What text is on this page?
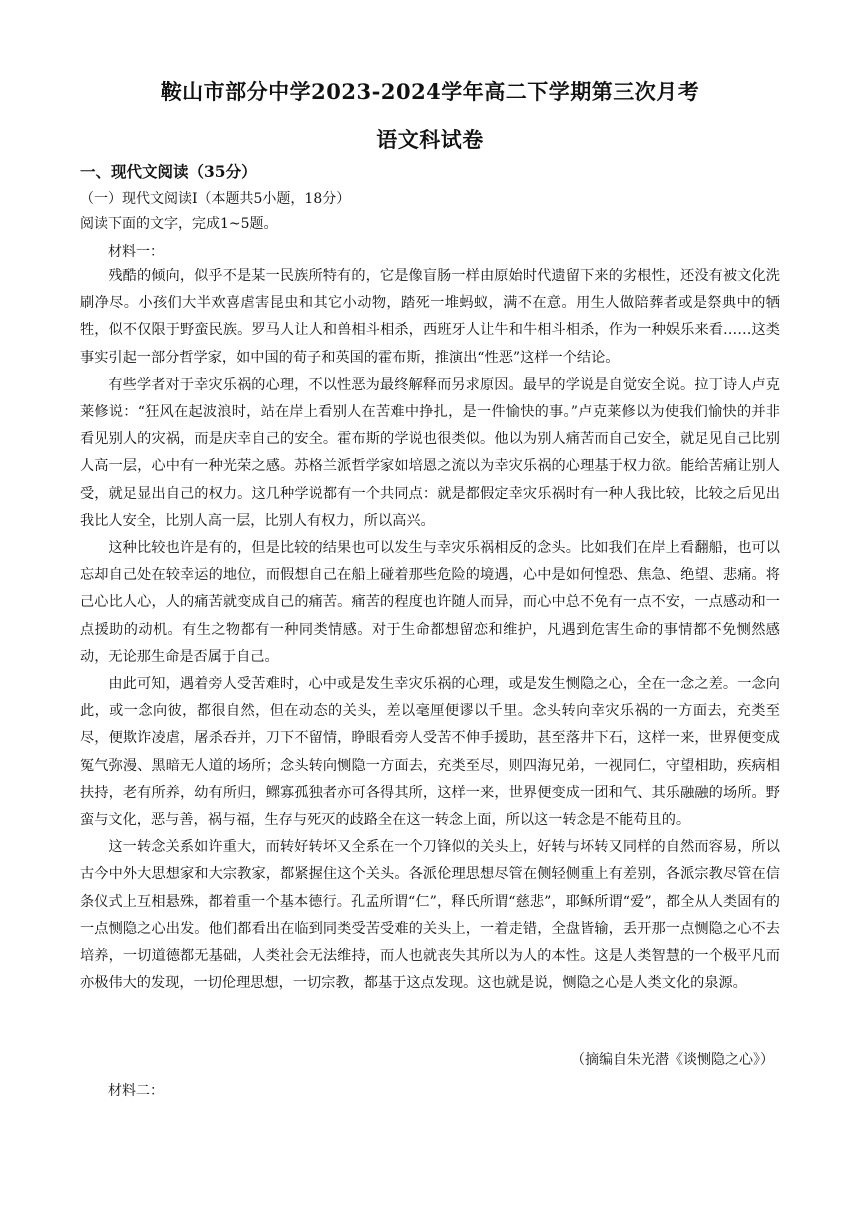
鞍山市部分中学2023-2024学年高二下学期第三次月考
语文科试卷
一、现代文阅读（35分）
（一）现代文阅读Ⅰ（本题共5小题，18分）
阅读下面的文字，完成1~5题。
材料一：

残酷的倾向，似乎不是某一民族所特有的，它是像盲肠一样由原始时代遗留下来的劣根性，还没有被文化洗刷净尽。小孩们大半欢喜虐害昆虫和其它小动物，踏死一堆蚂蚁，满不在意。用生人做陪葬者或是祭典中的牺牲，似不仅限于野蛮民族。罗马人让人和兽相斗相杀，西班牙人让牛和牛相斗相杀，作为一种娱乐来看……这类事实引起一部分哲学家，如中国的荀子和英国的霍布斯，推演出“性恶”这样一个结论。

有些学者对于幸灾乐祸的心理，不以性恶为最终解释而另求原因。最早的学说是自觉安全说。拉丁诗人卢克莱修说：“狂风在起波浪时，站在岸上看别人在苦难中挣扎，是一件愉快的事。”卢克莱修以为使我们愉快的并非看见别人的灾祸，而是庆幸自己的安全。霍布斯的学说也很类似。他以为别人痛苦而自己安全，就足见自己比别人高一层，心中有一种光荣之感。苏格兰派哲学家如培恩之流以为幸灾乐祸的心理基于权力欲。能给苦痛让别人受，就足显出自己的权力。这几种学说都有一个共同点：就是都假定幸灾乐祸时有一种人我比较，比较之后见出我比人安全，比别人高一层，比别人有权力，所以高兴。

这种比较也许是有的，但是比较的结果也可以发生与幸灾乐祸相反的念头。比如我们在岸上看翻船，也可以忘却自己处在较幸运的地位，而假想自己在船上碰着那些危险的境遇，心中是如何惶恐、焦急、绝望、悲痛。将己心比人心，人的痛苦就变成自己的痛苦。痛苦的程度也许随人而异，而心中总不免有一点不安，一点感动和一点援助的动机。有生之物都有一种同类情感。对于生命都想留恋和维护，凡遇到危害生命的事情都不免恻然感动，无论那生命是否属于自己。

由此可知，遇着旁人受苦难时，心中或是发生幸灾乐祸的心理，或是发生恻隐之心，全在一念之差。一念向此，或一念向彼，都很自然，但在动态的关头，差以毫厘便谬以千里。念头转向幸灾乐祸的一方面去，充类至尽，便欺诈凌虐，屠杀吞并，刀下不留情，睁眼看旁人受苦不伸手援助，甚至落井下石，这样一来，世界便变成冤气弥漫、黑暗无人道的场所；念头转向恻隐一方面去，充类至尽，则四海兄弟，一视同仁，守望相助，疾病相扶持，老有所养，幼有所归，鳏寡孤独者亦可各得其所，这样一来，世界便变成一团和气、其乐融融的场所。野蛮与文化，恶与善，祸与福，生存与死灭的歧路全在这一转念上面，所以这一转念是不能苟且的。

这一转念关系如许重大，而转好转坏又全系在一个刀锋似的关头上，好转与坏转又同样的自然而容易，所以古今中外大思想家和大宗教家，都紧握住这个关头。各派伦理思想尽管在侧轻侧重上有差别，各派宗教尽管在信条仪式上互相悬殊，都着重一个基本德行。孔孟所谓“仁”，释氏所谓“慈悲”，耶稣所谓“爱”，都全从人类固有的一点恻隐之心出发。他们都看出在临到同类受苦受难的关头上，一着走错，全盘皆输，丢开那一点恻隐之心不去培养，一切道德都无基础，人类社会无法维持，而人也就丧失其所以为人的本性。这是人类智慧的一个极平凡而亦极伟大的发现，一切伦理思想，一切宗教，都基于这点发现。这也就是说，恻隐之心是人类文化的泉源。

（摘编自朱光潜《谈恻隐之心》）
材料二：
